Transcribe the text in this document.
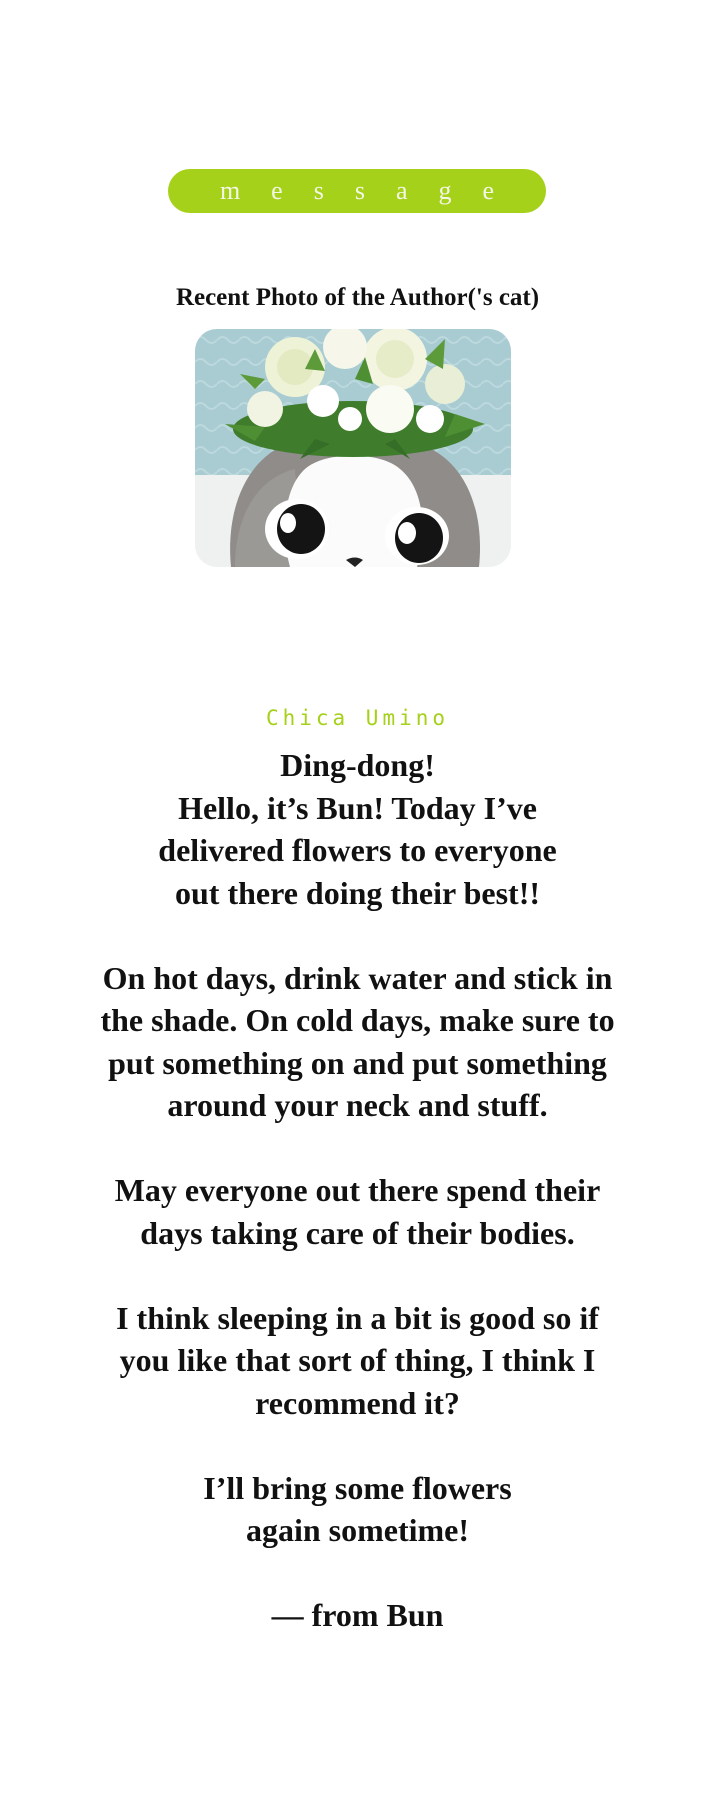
message
Recent Photo of the Author('s cat)
Chica Umino

Ding-dong!
Hello, it’s Bun! Today I’ve
delivered flowers to everyone
out there doing their best!!

On hot days, drink water and stick in
the shade. On cold days, make sure to
put something on and put something
around your neck and stuff.

May everyone out there spend their
days taking care of their bodies.

I think sleeping in a bit is good so if
you like that sort of thing, I think I
recommend it?

I’ll bring some flowers
again sometime!

— from Bun
